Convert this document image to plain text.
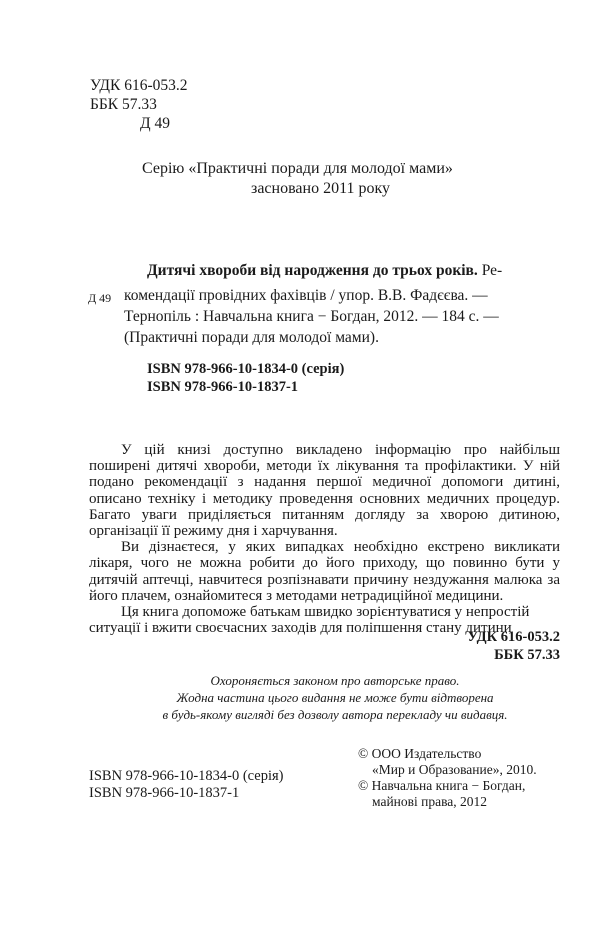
УДК 616-053.2
ББК 57.33
Д 49
Серію «Практичні поради для молодої мами»
засновано 2011 року
Д 49
Дитячі хвороби від народження до трьох років. Ре-
комендації провідних фахівців / упор. В.В. Фадєєва. —
Тернопіль : Навчальна книга − Богдан, 2012. — 184 с. —
(Практичні поради для молодої мами).
ISBN 978-966-10-1834-0 (серія)
ISBN 978-966-10-1837-1

У цій книзі доступно викладено інформацію про найбільш поширені дитячі хвороби, методи їх лікування та профілактики. У ній подано рекомендації з надання першої медичної допомоги дитині, описано техніку і методику проведення основних медичних процедур. Багато уваги приділяється питанням догляду за хворою дитиною, організації її режиму дня і харчування.

Ви дізнаєтеся, у яких випадках необхідно екстрено викликати лікаря, чого не можна робити до його приходу, що повинно бути у дитячій аптечці, навчитеся розпізнавати причину нездужання малюка за його плачем, ознайомитеся з методами нетрадиційної медицини.

Ця книга допоможе батькам швидко зорієнтуватися у непростій ситуації і вжити своєчасних заходів для поліпшення стану дитини

УДК 616-053.2
ББК 57.33
Охороняється законом про авторське право.
Жодна частина цього видання не може бути відтворена
в будь-якому вигляді без дозволу автора перекладу чи видавця.
ISBN 978-966-10-1834-0 (серія)
ISBN 978-966-10-1837-1
© ООО Издательство
«Мир и Образование», 2010.
© Навчальна книга − Богдан,
майнові права, 2012
